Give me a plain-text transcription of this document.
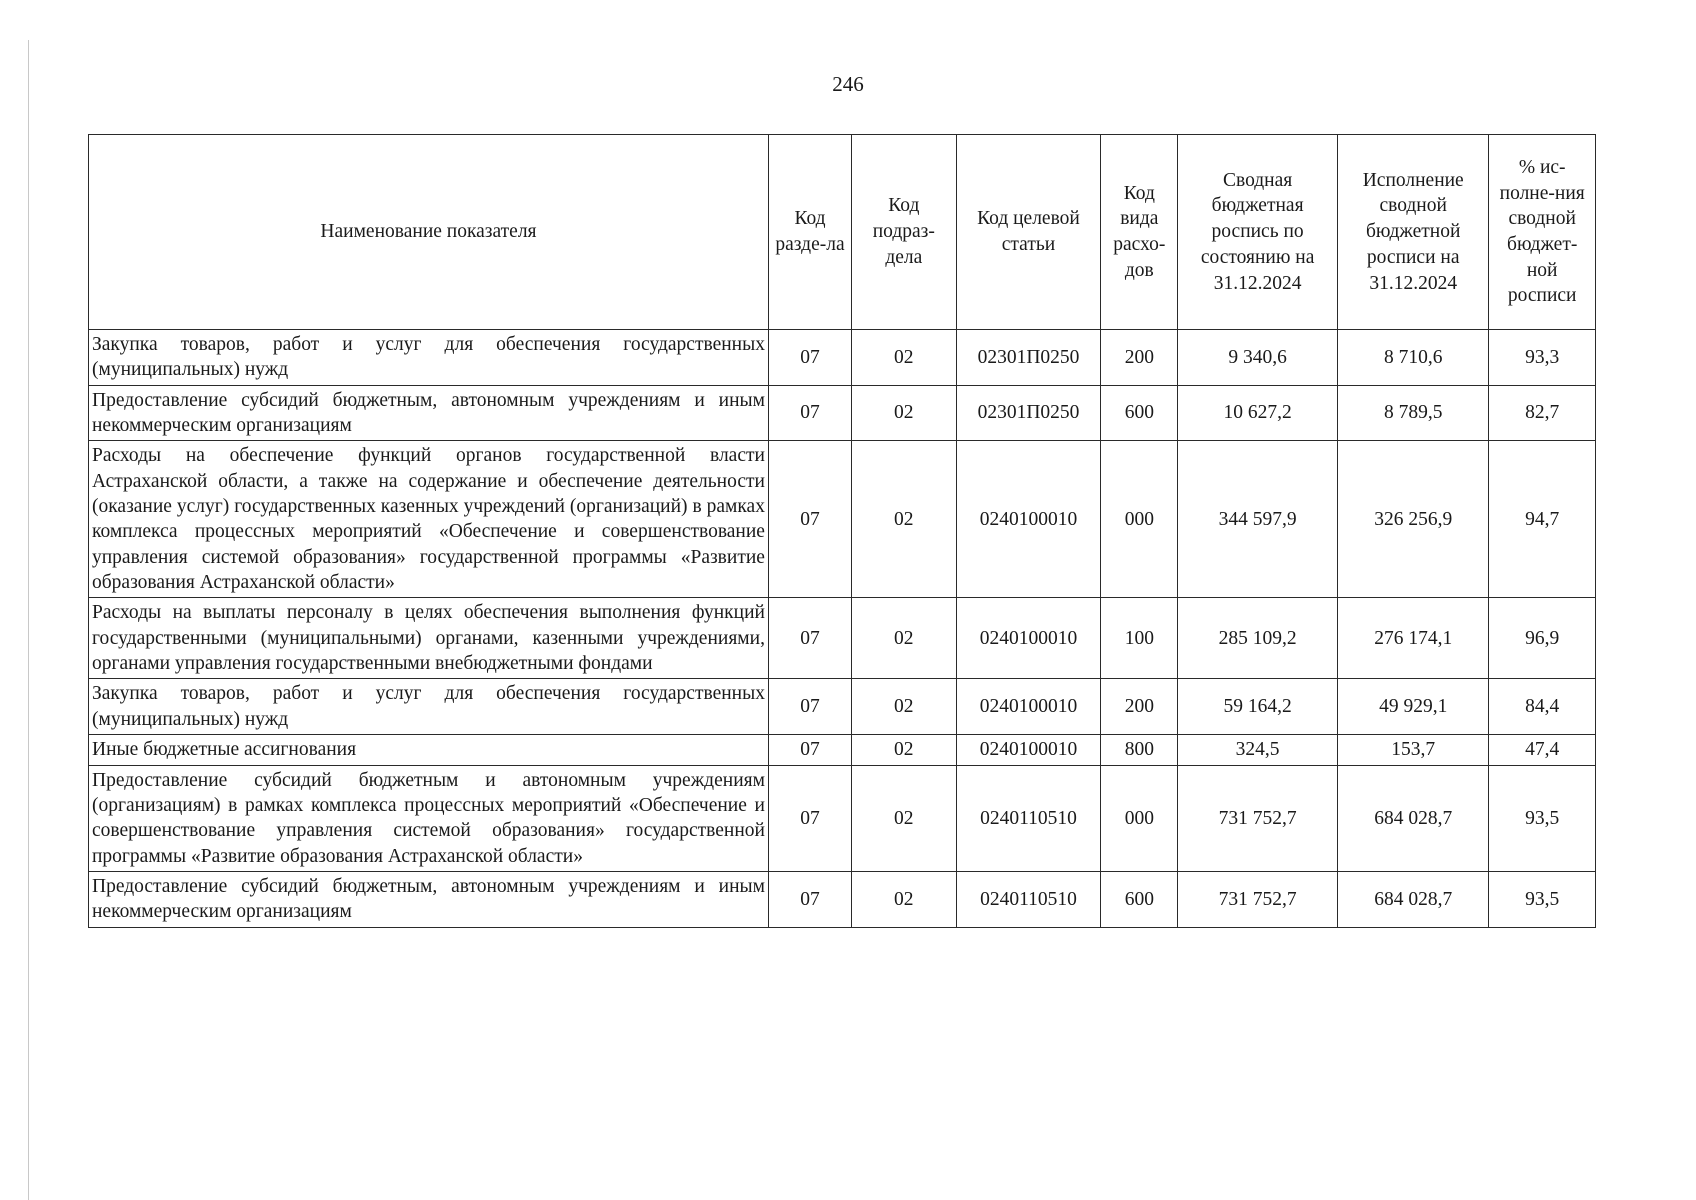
246
Наименование показателя	Код разде-ла	Код подраз-дела	Код целевой статьи	Код вида расхо-дов	Сводная бюджетная роспись по состоянию на 31.12.2024	Исполнение сводной бюджетной росписи на 31.12.2024	% ис-полне-ния сводной бюджет-ной росписи
Закупка товаров, работ и услуг для обеспечения государственных (муниципальных) нужд	07	02	02301П0250	200	9 340,6	8 710,6	93,3
Предоставление субсидий бюджетным, автономным учреждениям и иным некоммерческим организациям	07	02	02301П0250	600	10 627,2	8 789,5	82,7
Расходы на обеспечение функций органов государственной власти Астраханской области, а также на содержание и обеспечение деятельности (оказание услуг) государственных казенных учреждений (организаций) в рамках комплекса процессных мероприятий «Обеспечение и совершенствование управления системой образования» государственной программы «Развитие образования Астраханской области»	07	02	0240100010	000	344 597,9	326 256,9	94,7
Расходы на выплаты персоналу в целях обеспечения выполнения функций государственными (муниципальными) органами, казенными учреждениями, органами управления государственными внебюджетными фондами	07	02	0240100010	100	285 109,2	276 174,1	96,9
Закупка товаров, работ и услуг для обеспечения государственных (муниципальных) нужд	07	02	0240100010	200	59 164,2	49 929,1	84,4
Иные бюджетные ассигнования	07	02	0240100010	800	324,5	153,7	47,4
Предоставление субсидий бюджетным и автономным учреждениям (организациям) в рамках комплекса процессных мероприятий «Обеспечение и совершенствование управления системой образования» государственной программы «Развитие образования Астраханской области»	07	02	0240110510	000	731 752,7	684 028,7	93,5
Предоставление субсидий бюджетным, автономным учреждениям и иным некоммерческим организациям	07	02	0240110510	600	731 752,7	684 028,7	93,5
